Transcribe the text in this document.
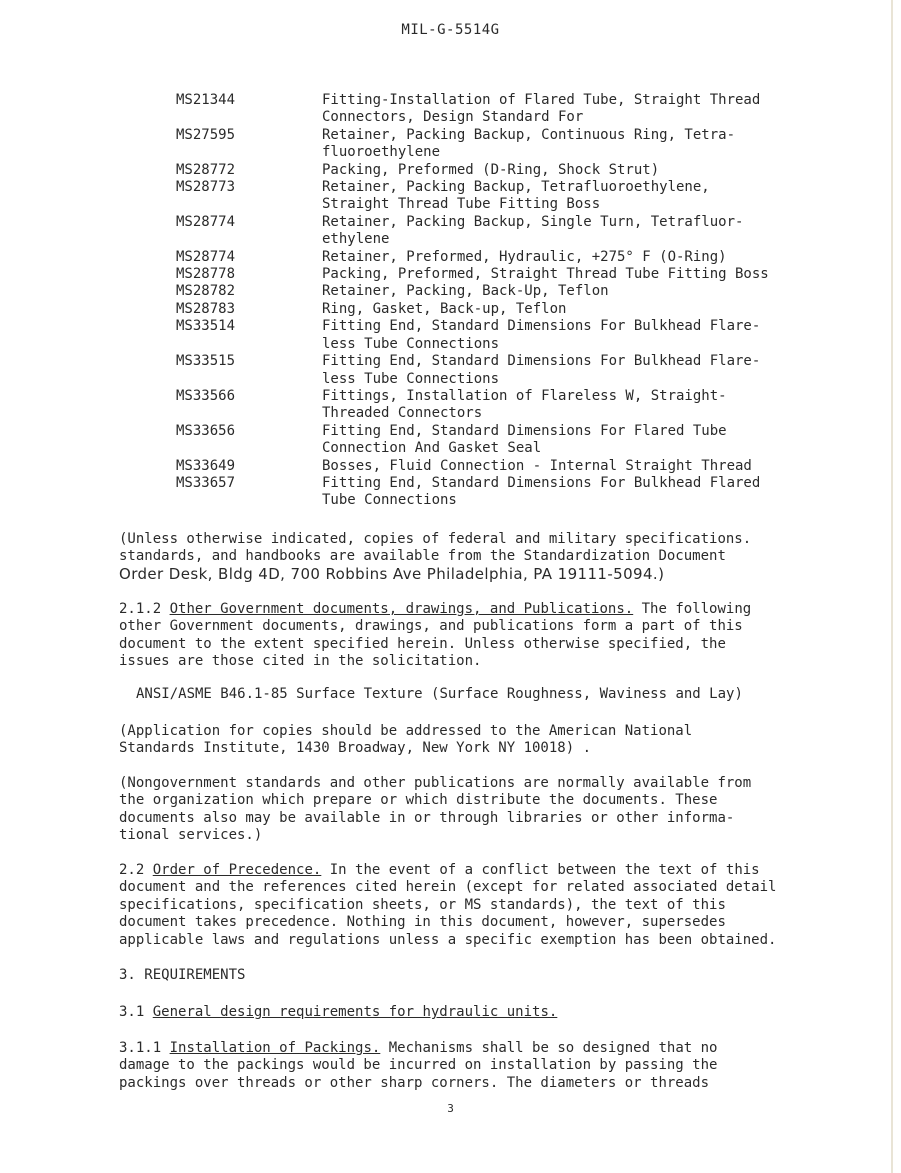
MIL-G-5514G
MS21344	Fitting-Installation of Flared Tube, Straight Thread
Connectors, Design Standard For
MS27595	Retainer, Packing Backup, Continuous Ring, Tetra-
fluoroethylene
MS28772	Packing, Preformed (D-Ring, Shock Strut)
MS28773	Retainer, Packing Backup, Tetrafluoroethylene,
Straight Thread Tube Fitting Boss
MS28774	Retainer, Packing Backup, Single Turn, Tetrafluor-
ethylene
MS28774	Retainer, Preformed, Hydraulic, +275° F (O-Ring)
MS28778	Packing, Preformed, Straight Thread Tube Fitting Boss
MS28782	Retainer, Packing, Back-Up, Teflon
MS28783	Ring, Gasket, Back-up, Teflon
MS33514	Fitting End, Standard Dimensions For Bulkhead Flare-
less Tube Connections
MS33515	Fitting End, Standard Dimensions For Bulkhead Flare-
less Tube Connections
MS33566	Fittings, Installation of Flareless W, Straight-
Threaded Connectors
MS33656	Fitting End, Standard Dimensions For Flared Tube
Connection And Gasket Seal
MS33649	Bosses, Fluid Connection - Internal Straight Thread
MS33657	Fitting End, Standard Dimensions For Bulkhead Flared
Tube Connections
(Unless otherwise indicated, copies of federal and military specifications.
standards, and handbooks are available from the Standardization Document
Order Desk, Bldg 4D, 700 Robbins Ave Philadelphia, PA 19111-5094.)
2.1.2 Other Government documents, drawings, and Publications. The following
other Government documents, drawings, and publications form a part of this
document to the extent specified herein. Unless otherwise specified, the
issues are those cited in the solicitation.
ANSI/ASME B46.1-85 Surface Texture (Surface Roughness, Waviness and Lay)
(Application for copies should be addressed to the American National
Standards Institute, 1430 Broadway, New York NY 10018) .
(Nongovernment standards and other publications are normally available from
the organization which prepare or which distribute the documents. These
documents also may be available in or through libraries or other informa-
tional services.)
2.2 Order of Precedence. In the event of a conflict between the text of this
document and the references cited herein (except for related associated detail
specifications, specification sheets, or MS standards), the text of this
document takes precedence. Nothing in this document, however, supersedes
applicable laws and regulations unless a specific exemption has been obtained.
3. REQUIREMENTS
3.1 General design requirements for hydraulic units.
3.1.1 Installation of Packings. Mechanisms shall be so designed that no
damage to the packings would be incurred on installation by passing the
packings over threads or other sharp corners. The diameters or threads
3
